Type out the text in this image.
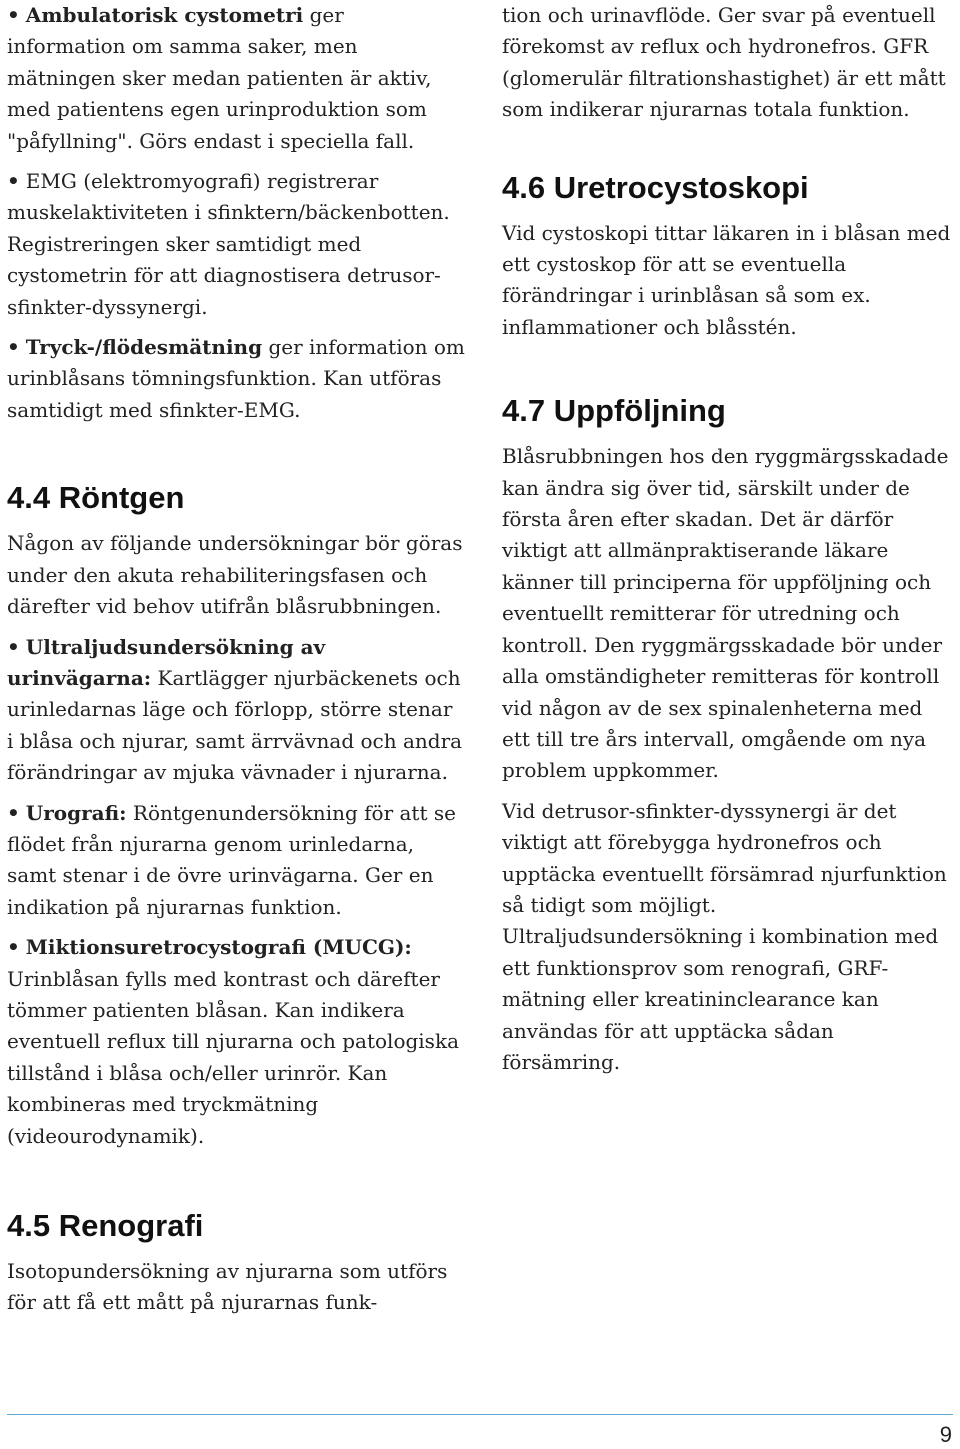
• Ambulatorisk cystometri ger information om samma saker, men mätningen sker medan patienten är aktiv, med patientens egen urinproduktion som "påfyllning". Görs endast i speciella fall.
• EMG (elektromyografi) registrerar muskelaktiviteten i sfinktern/bäckenbotten. Registreringen sker samtidigt med cystometrin för att diagnostisera detrusor-sfinkter-dyssynergi.
• Tryck-/flödesmätning ger information om urinblåsans tömningsfunktion. Kan utföras samtidigt med sfinkter-EMG.
4.4 Röntgen

Någon av följande undersökningar bör göras under den akuta rehabiliteringsfasen och därefter vid behov utifrån blåsrubbningen.

• Ultraljudsundersökning av urinvägarna: Kartlägger njurbäckenets och urinledarnas läge och förlopp, större stenar i blåsa och njurar, samt ärrvävnad och andra förändringar av mjuka vävnader i njurarna.
• Urografi: Röntgenundersökning för att se flödet från njurarna genom urinledarna, samt stenar i de övre urinvägarna. Ger en indikation på njurarnas funktion.
• Miktionsuretrocystografi (MUCG): Urinblåsan fylls med kontrast och därefter tömmer patienten blåsan. Kan indikera eventuell reflux till njurarna och patologiska tillstånd i blåsa och/eller urinrör. Kan kombineras med tryckmätning (videourodynamik).
4.5 Renografi

Isotopundersökning av njurarna som utförs för att få ett mått på njurarnas funk-

tion och urinavflöde. Ger svar på eventuell förekomst av reflux och hydronefros. GFR (glomerulär filtrationshastighet) är ett mått som indikerar njurarnas totala funktion.

4.6 Uretrocystoskopi

Vid cystoskopi tittar läkaren in i blåsan med ett cystoskop för att se eventuella förändringar i urinblåsan så som ex. inflammationer och blåsstén.

4.7 Uppföljning

Blåsrubbningen hos den ryggmärgsskadade kan ändra sig över tid, särskilt under de första åren efter skadan. Det är därför viktigt att allmänpraktiserande läkare känner till principerna för uppföljning och eventuellt remitterar för utredning och kontroll. Den ryggmärgsskadade bör under alla omständigheter remitteras för kontroll vid någon av de sex spinalenheterna med ett till tre års intervall, omgående om nya problem uppkommer.

Vid detrusor-sfinkter-dyssynergi är det viktigt att förebygga hydronefros och upptäcka eventuellt försämrad njurfunktion så tidigt som möjligt.

Ultraljudsundersökning i kombination med ett funktionsprov som renografi, GRF-mätning eller kreatininclearance kan användas för att upptäcka sådan försämring.

9
